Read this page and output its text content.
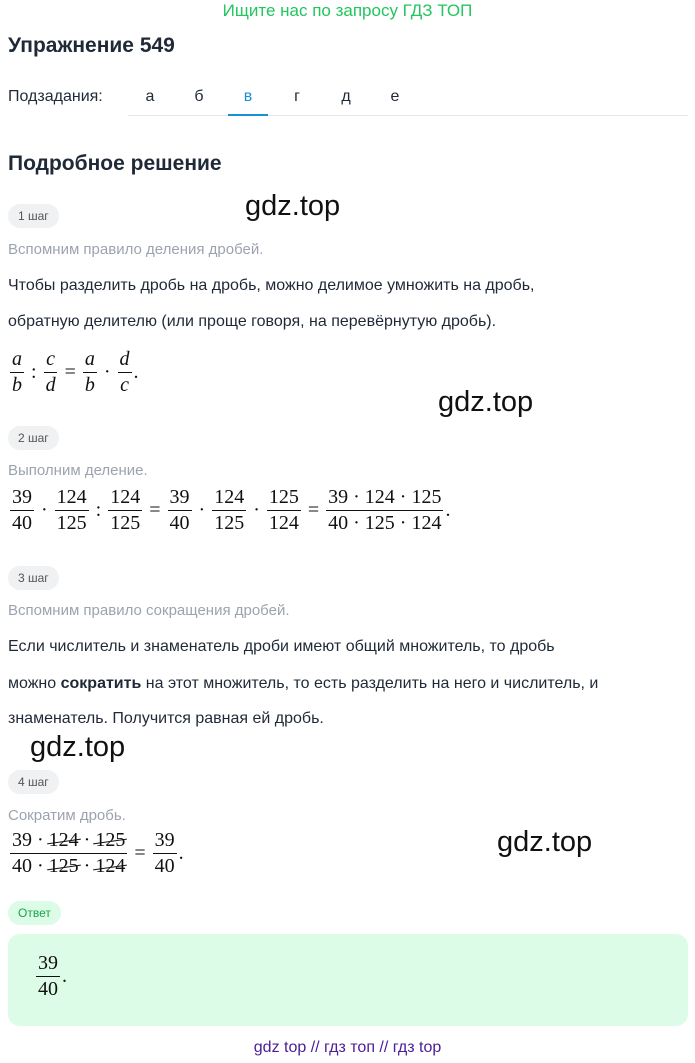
Ищите нас по запросу ГДЗ ТОП
Упражнение 549
Подзадания:	а	б	в	г	д	е
Подробное решение
gdz.top
gdz.top
gdz.top
gdz.top
1 шаг
Вспомним правило деления дробей.
Чтобы разделить дробь на дробь, можно делимое умножить на дробь,
обратную делителю (или проще говоря, на перевёрнутую дробь).
$\frac{a}{b}$ : $\frac{c}{d} = \frac{a}{b} \cdot \frac{d}{c}$ .
2 шаг
Выполним деление.
$\frac{39}{40} \cdot \frac{124}{125}$ : $\frac{124}{125} = \frac{39}{40} \cdot \frac{124}{125} \cdot \frac{125}{124} = \frac{39 \cdot 124 \cdot 125}{40 \cdot 125 \cdot 124}$ .
3 шаг
Вспомним правило сокращения дробей.
Если числитель и знаменатель дроби имеют общий множитель, то дробь
можно сократить на этот множитель, то есть разделить на него и числитель, и
знаменатель. Получится равная ей дробь.
4 шаг
Сократим дробь.
$\frac{39 \cdot 124 \cdot 125}{40 \cdot 125 \cdot 124} = \frac{39}{40}$ .
Ответ
$\frac{39}{40}$ .
gdz top // гдз топ // гдз top
